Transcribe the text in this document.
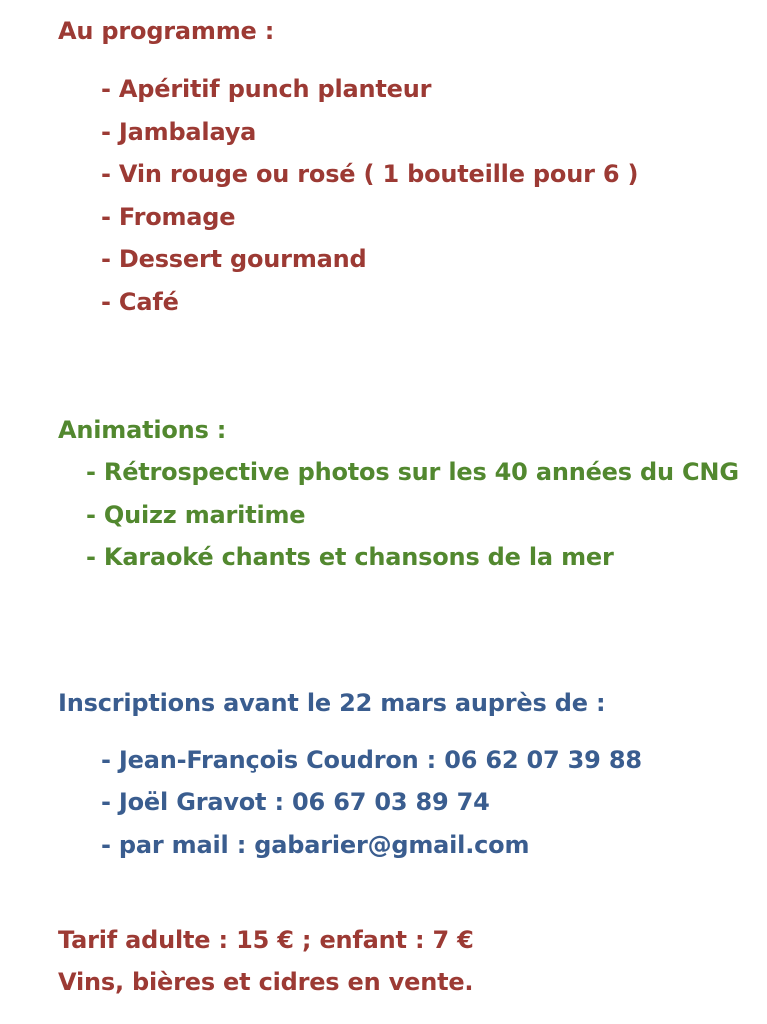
Au programme :
- Apéritif punch planteur
- Jambalaya
- Vin rouge ou rosé ( 1 bouteille pour 6 )
- Fromage
- Dessert gourmand
- Café
Animations :
- Rétrospective photos sur les 40 années du CNG
- Quizz maritime
- Karaoké chants et chansons de la mer
Inscriptions avant le 22 mars auprès de :
- Jean-François Coudron : 06 62 07 39 88
- Joël Gravot : 06 67 03 89 74
- par mail : gabarier@gmail.com
Tarif adulte : 15 € ; enfant : 7 €
Vins, bières et cidres en vente.
